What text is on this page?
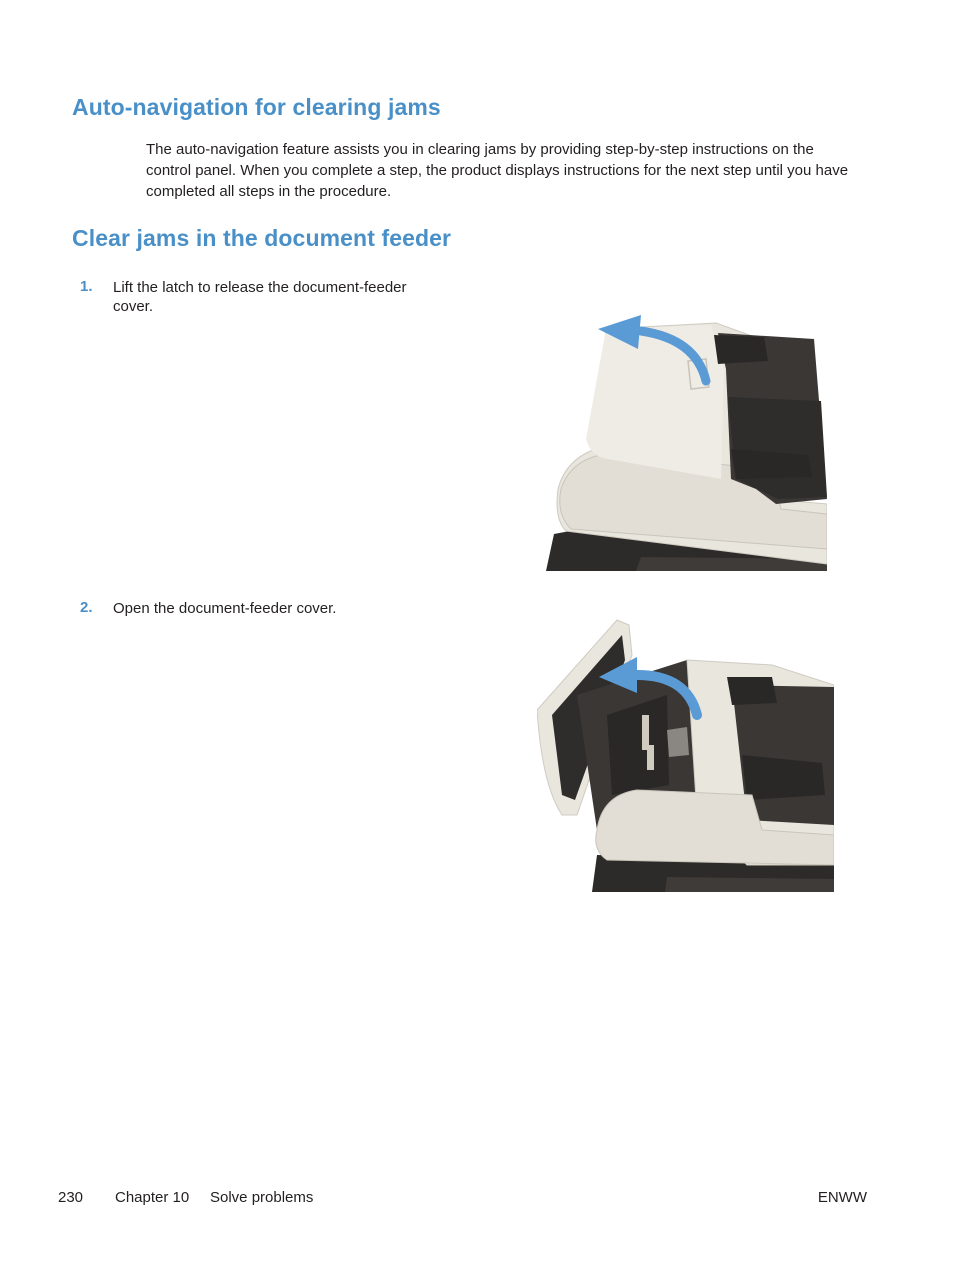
Auto-navigation for clearing jams

The auto-navigation feature assists you in clearing jams by providing step-by-step instructions on the control panel. When you complete a step, the product displays instructions for the next step until you have completed all steps in the procedure.

Clear jams in the document feeder
1. Lift the latch to release the document-feeder cover.
2. Open the document-feeder cover.
230 Chapter 10 Solve problems	ENWW
